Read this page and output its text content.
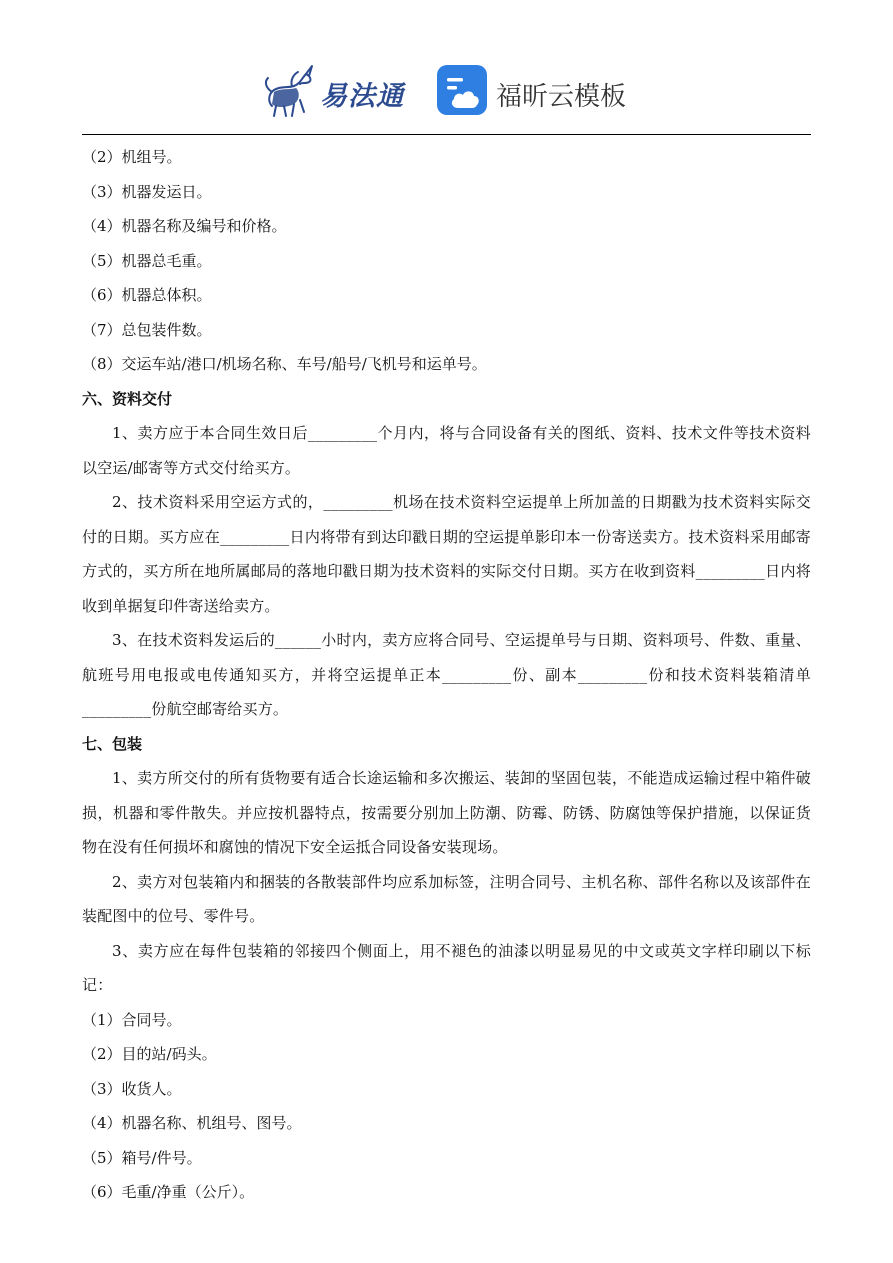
易法通	福昕云模板

（2）机组号。

（3）机器发运日。

（4）机器名称及编号和价格。

（5）机器总毛重。

（6）机器总体积。

（7）总包装件数。

（8）交运车站/港口/机场名称、车号/船号/飞机号和运单号。

六、资料交付

1、卖方应于本合同生效日后_________个月内，将与合同设备有关的图纸、资料、技术文件等技术资料以空运/邮寄等方式交付给买方。

2、技术资料采用空运方式的，_________机场在技术资料空运提单上所加盖的日期戳为技术资料实际交付的日期。买方应在_________日内将带有到达印戳日期的空运提单影印本一份寄送卖方。技术资料采用邮寄方式的，买方所在地所属邮局的落地印戳日期为技术资料的实际交付日期。买方在收到资料_________日内将收到单据复印件寄送给卖方。

3、在技术资料发运后的______小时内，卖方应将合同号、空运提单号与日期、资料项号、件数、重量、航班号用电报或电传通知买方，并将空运提单正本_________份、副本_________份和技术资料装箱清单_________份航空邮寄给买方。

七、包装

1、卖方所交付的所有货物要有适合长途运输和多次搬运、装卸的坚固包装，不能造成运输过程中箱件破损，机器和零件散失。并应按机器特点，按需要分别加上防潮、防霉、防锈、防腐蚀等保护措施，以保证货物在没有任何损坏和腐蚀的情况下安全运抵合同设备安装现场。

2、卖方对包装箱内和捆装的各散装部件均应系加标签，注明合同号、主机名称、部件名称以及该部件在装配图中的位号、零件号。

3、卖方应在每件包装箱的邻接四个侧面上，用不褪色的油漆以明显易见的中文或英文字样印刷以下标记：

（1）合同号。

（2）目的站/码头。

（3）收货人。

（4）机器名称、机组号、图号。

（5）箱号/件号。

（6）毛重/净重（公斤）。
